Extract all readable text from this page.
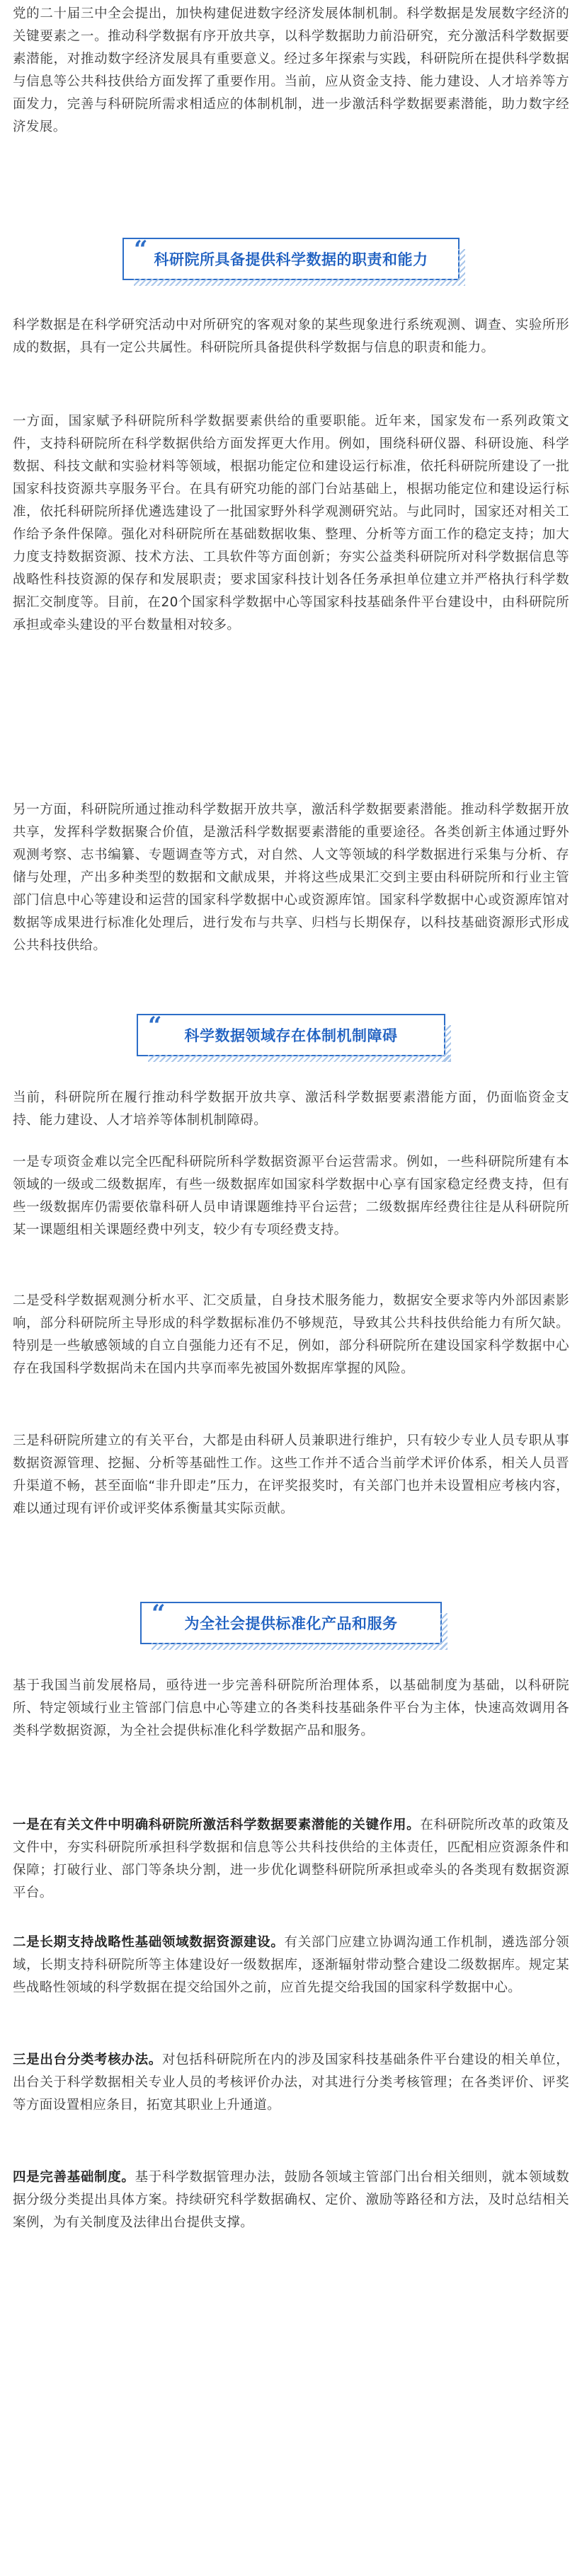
党的二十届三中全会提出，加快构建促进数字经济发展体制机制。科学数据是发展数字经济的关键要素之一。推动科学数据有序开放共享，以科学数据助力前沿研究，充分激活科学数据要素潜能，对推动数字经济发展具有重要意义。经过多年探索与实践，科研院所在提供科学数据与信息等公共科技供给方面发挥了重要作用。当前，应从资金支持、能力建设、人才培养等方面发力，完善与科研院所需求相适应的体制机制，进一步激活科学数据要素潜能，助力数字经济发展。

“ 科研院所具备提供科学数据的职责和能力

科学数据是在科学研究活动中对所研究的客观对象的某些现象进行系统观测、调查、实验所形成的数据，具有一定公共属性。科研院所具备提供科学数据与信息的职责和能力。

一方面，国家赋予科研院所科学数据要素供给的重要职能。近年来，国家发布一系列政策文件，支持科研院所在科学数据供给方面发挥更大作用。例如，围绕科研仪器、科研设施、科学数据、科技文献和实验材料等领域，根据功能定位和建设运行标准，依托科研院所建设了一批国家科技资源共享服务平台。在具有研究功能的部门台站基础上，根据功能定位和建设运行标准，依托科研院所择优遴选建设了一批国家野外科学观测研究站。与此同时，国家还对相关工作给予条件保障。强化对科研院所在基础数据收集、整理、分析等方面工作的稳定支持；加大力度支持数据资源、技术方法、工具软件等方面创新；夯实公益类科研院所对科学数据信息等战略性科技资源的保存和发展职责；要求国家科技计划各任务承担单位建立并严格执行科学数据汇交制度等。目前，在20个国家科学数据中心等国家科技基础条件平台建设中，由科研院所承担或牵头建设的平台数量相对较多。

另一方面，科研院所通过推动科学数据开放共享，激活科学数据要素潜能。推动科学数据开放共享，发挥科学数据聚合价值，是激活科学数据要素潜能的重要途径。各类创新主体通过野外观测考察、志书编纂、专题调查等方式，对自然、人文等领域的科学数据进行采集与分析、存储与处理，产出多种类型的数据和文献成果，并将这些成果汇交到主要由科研院所和行业主管部门信息中心等建设和运营的国家科学数据中心或资源库馆。国家科学数据中心或资源库馆对数据等成果进行标准化处理后，进行发布与共享、归档与长期保存，以科技基础资源形式形成公共科技供给。

“ 科学数据领域存在体制机制障碍

当前，科研院所在履行推动科学数据开放共享、激活科学数据要素潜能方面，仍面临资金支持、能力建设、人才培养等体制机制障碍。

一是专项资金难以完全匹配科研院所科学数据资源平台运营需求。例如，一些科研院所建有本领域的一级或二级数据库，有些一级数据库如国家科学数据中心享有国家稳定经费支持，但有些一级数据库仍需要依靠科研人员申请课题维持平台运营；二级数据库经费往往是从科研院所某一课题组相关课题经费中列支，较少有专项经费支持。

二是受科学数据观测分析水平、汇交质量，自身技术服务能力，数据安全要求等内外部因素影响，部分科研院所主导形成的科学数据标准仍不够规范，导致其公共科技供给能力有所欠缺。特别是一些敏感领域的自立自强能力还有不足，例如，部分科研院所在建设国家科学数据中心存在我国科学数据尚未在国内共享而率先被国外数据库掌握的风险。

三是科研院所建立的有关平台，大都是由科研人员兼职进行维护，只有较少专业人员专职从事数据资源管理、挖掘、分析等基础性工作。这些工作并不适合当前学术评价体系，相关人员晋升渠道不畅，甚至面临“非升即走”压力，在评奖报奖时，有关部门也并未设置相应考核内容，难以通过现有评价或评奖体系衡量其实际贡献。

“ 为全社会提供标准化产品和服务

基于我国当前发展格局，亟待进一步完善科研院所治理体系，以基础制度为基础，以科研院所、特定领域行业主管部门信息中心等建立的各类科技基础条件平台为主体，快速高效调用各类科学数据资源，为全社会提供标准化科学数据产品和服务。

一是在有关文件中明确科研院所激活科学数据要素潜能的关键作用。在科研院所改革的政策及文件中，夯实科研院所承担科学数据和信息等公共科技供给的主体责任，匹配相应资源条件和保障；打破行业、部门等条块分割，进一步优化调整科研院所承担或牵头的各类现有数据资源平台。

二是长期支持战略性基础领域数据资源建设。有关部门应建立协调沟通工作机制，遴选部分领域，长期支持科研院所等主体建设好一级数据库，逐渐辐射带动整合建设二级数据库。规定某些战略性领域的科学数据在提交给国外之前，应首先提交给我国的国家科学数据中心。

三是出台分类考核办法。对包括科研院所在内的涉及国家科技基础条件平台建设的相关单位，出台关于科学数据相关专业人员的考核评价办法，对其进行分类考核管理；在各类评价、评奖等方面设置相应条目，拓宽其职业上升通道。

四是完善基础制度。基于科学数据管理办法，鼓励各领域主管部门出台相关细则，就本领域数据分级分类提出具体方案。持续研究科学数据确权、定价、激励等路径和方法，及时总结相关案例，为有关制度及法律出台提供支撑。
